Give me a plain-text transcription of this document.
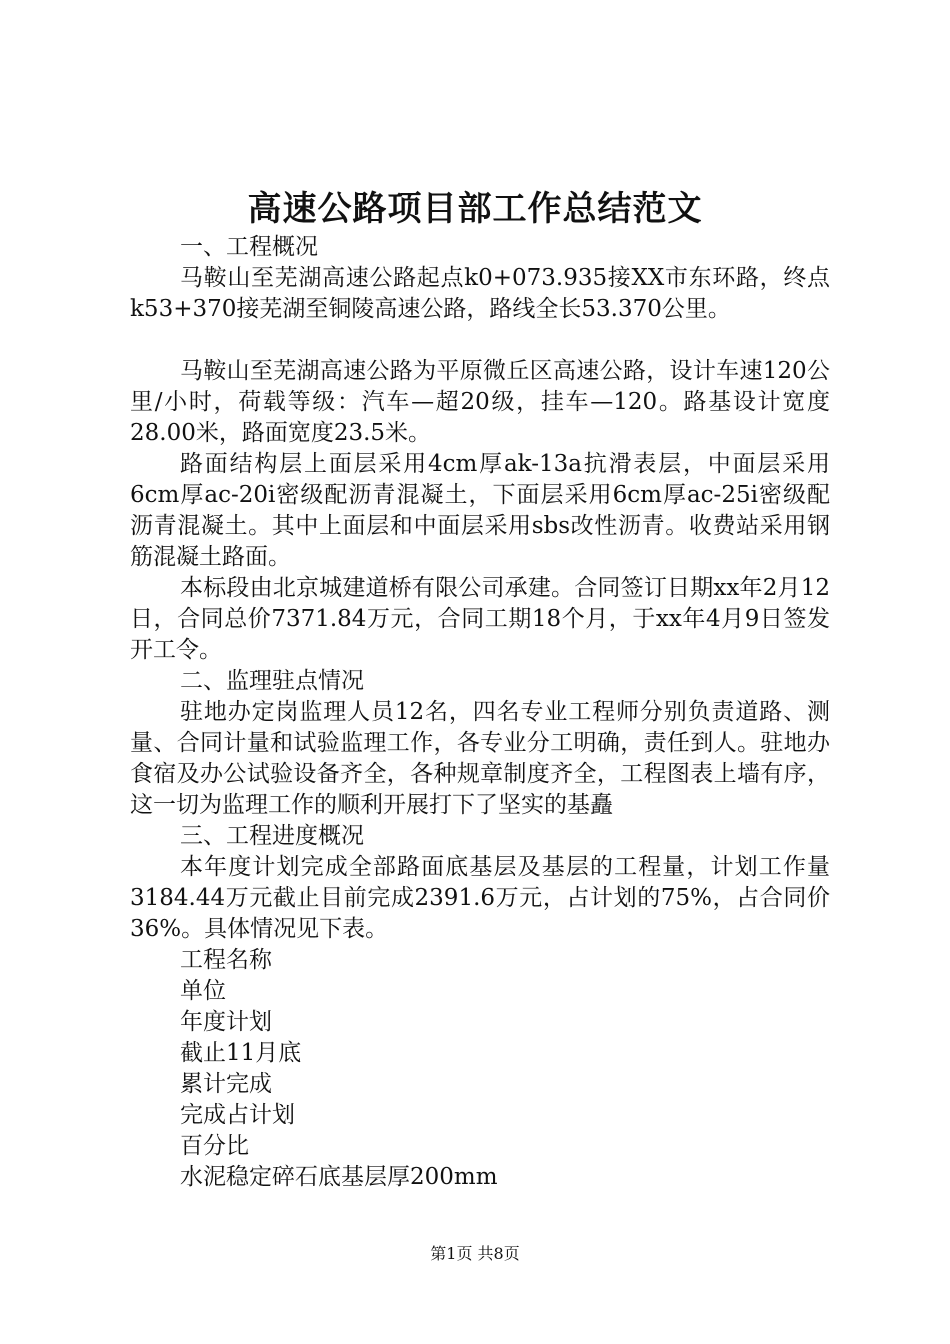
高速公路项目部工作总结范文

一、工程概况

马鞍山至芜湖高速公路起点k0+073.935接XX市东环路，终点k53+370接芜湖至铜陵高速公路，路线全长53.370公里。

马鞍山至芜湖高速公路为平原微丘区高速公路，设计车速120公里/小时，荷载等级：汽车—超20级，挂车—120。路基设计宽度28.00米，路面宽度23.5米。

路面结构层上面层采用4cm厚ak-13a抗滑表层，中面层采用6cm厚ac-20i密级配沥青混凝土，下面层采用6cm厚ac-25i密级配沥青混凝土。其中上面层和中面层采用sbs改性沥青。收费站采用钢筋混凝土路面。

本标段由北京城建道桥有限公司承建。合同签订日期xx年2月12日，合同总价7371.84万元，合同工期18个月，于xx年4月9日签发开工令。

二、监理驻点情况

驻地办定岗监理人员12名，四名专业工程师分别负责道路、测量、合同计量和试验监理工作，各专业分工明确，责任到人。驻地办食宿及办公试验设备齐全，各种规章制度齐全，工程图表上墙有序，这一切为监理工作的顺利开展打下了坚实的基矗

三、工程进度概况

本年度计划完成全部路面底基层及基层的工程量，计划工作量3184.44万元截止目前完成2391.6万元，占计划的75%，占合同价36%。具体情况见下表。

工程名称

单位

年度计划

截止11月底

累计完成

完成占计划

百分比

水泥稳定碎石底基层厚200mm

第1页 共8页
